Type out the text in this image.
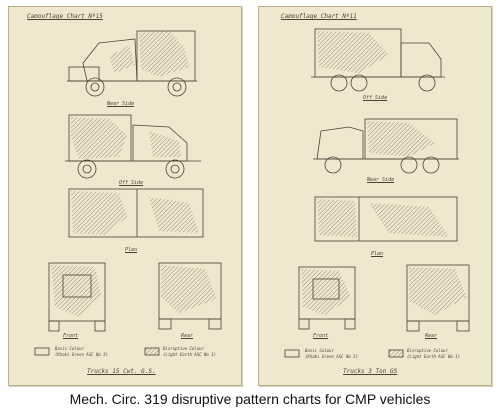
Camouflage Chart Nº15
Near Side
Off Side
Plan
Front	Rear
Basic Colour
(Khaki Green ASC No 3)
Disruptive Colour
(Light Earth ASC No 1)
Trucks 15 Cwt. G.S.
Camouflage Chart Nº11
Off Side
Near Side
Plan
Front	Rear
Basic Colour
(Khaki Green ASC No 3)
Disruptive Colour
(Light Earth ASC No 1)
Trucks 3 Ton GS
Mech. Circ. 319 disruptive pattern charts for CMP vehicles
